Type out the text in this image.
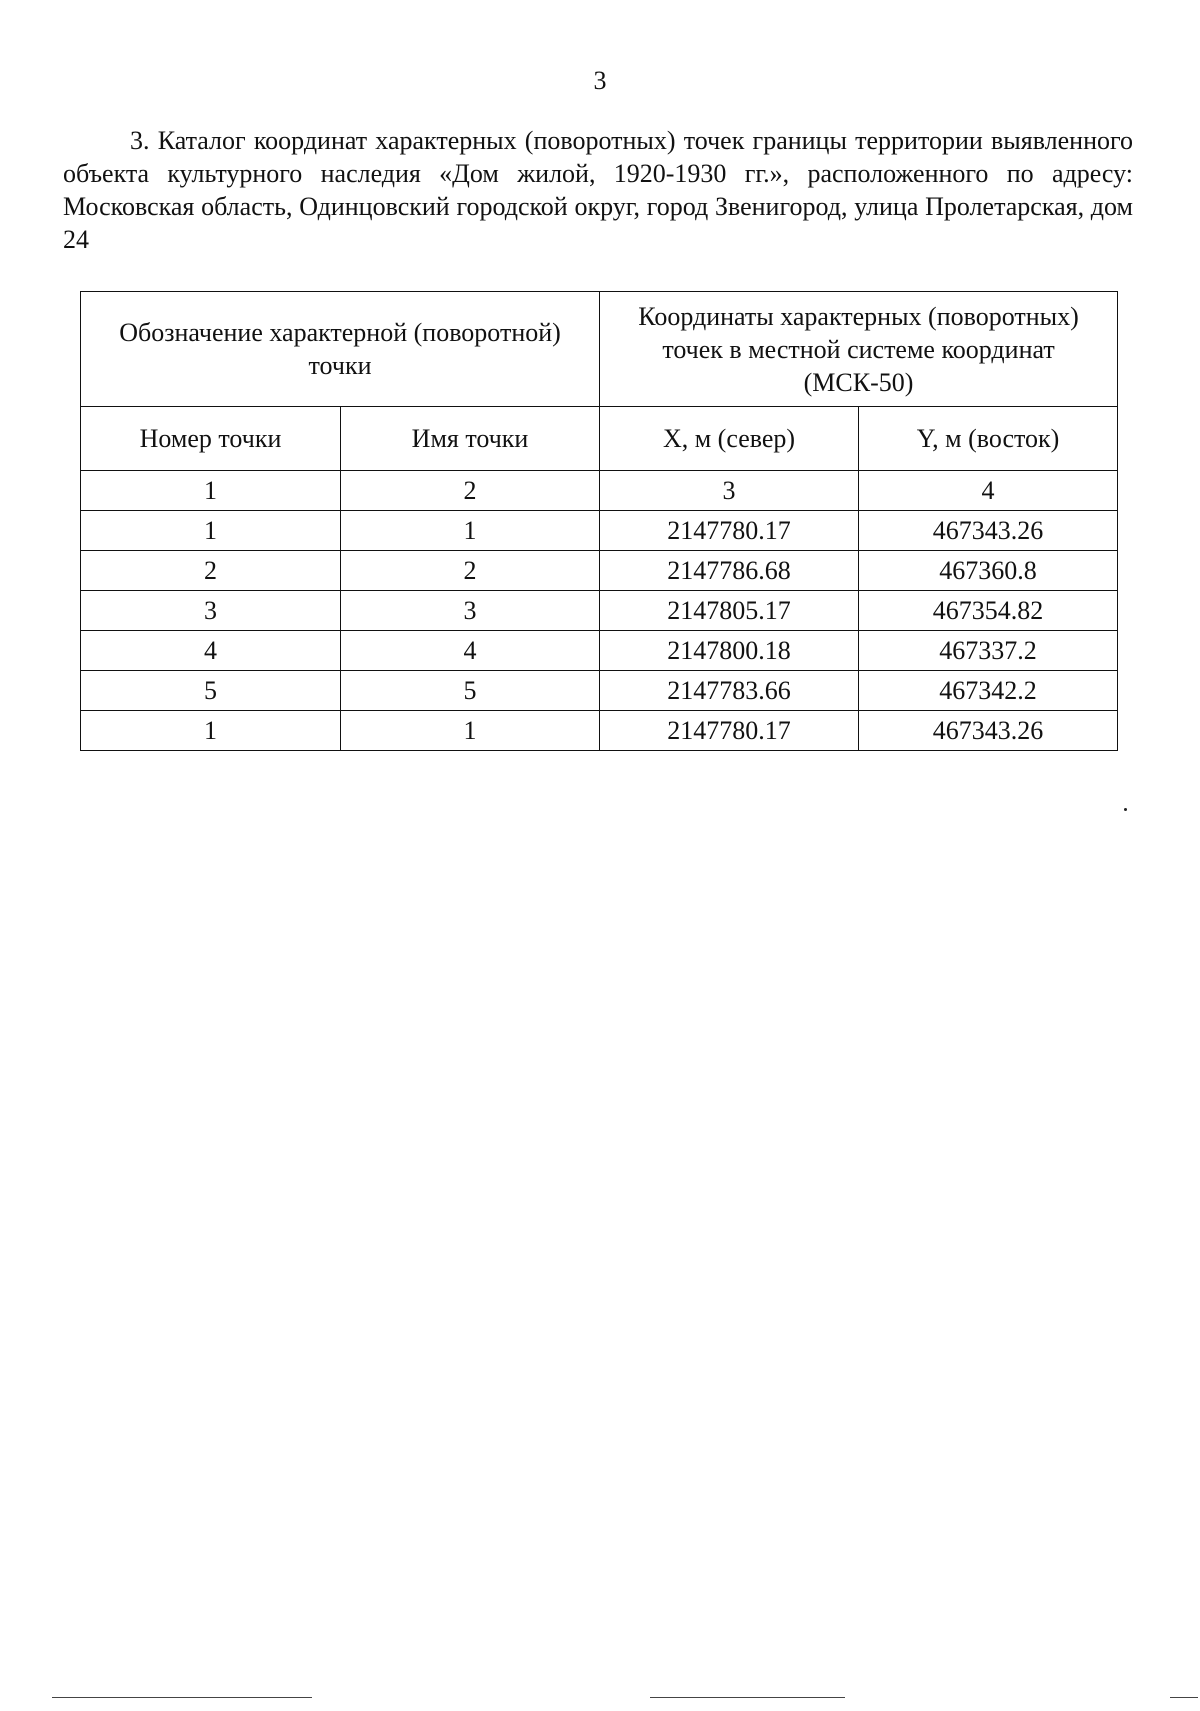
3

3. Каталог координат характерных (поворотных) точек границы территории выявленного объекта культурного наследия «Дом жилой, 1920-1930 гг.», расположенного по адресу: Московская область, Одинцовский городской округ, город Звенигород, улица Пролетарская, дом 24

Обозначение характерной (поворотной) точки		Координаты характерных (поворотных) точек в местной системе координат (МСК-50)	
Номер точки	Имя точки	X, м (север)	Y, м (восток)
1	2	3	4
1	1	2147780.17	467343.26
2	2	2147786.68	467360.8
3	3	2147805.17	467354.82
4	4	2147800.18	467337.2
5	5	2147783.66	467342.2
1	1	2147780.17	467343.26
